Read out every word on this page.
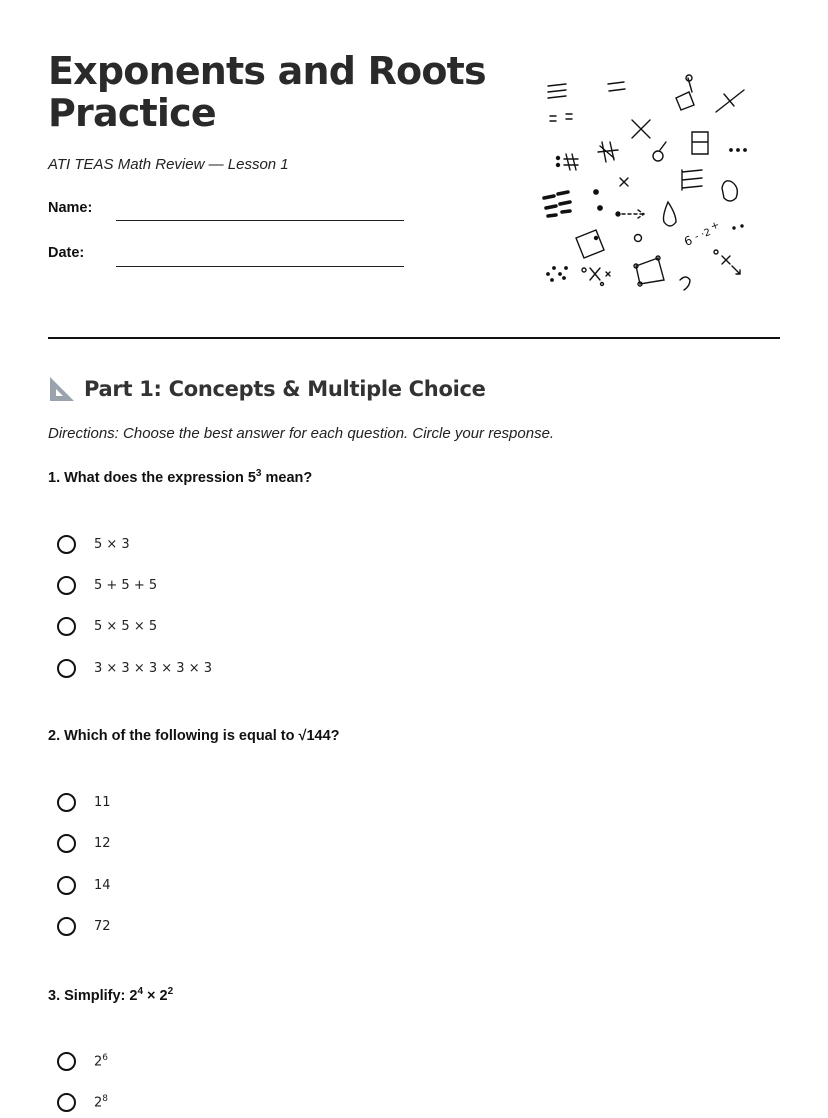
Exponents and Roots
Practice
ATI TEAS Math Review — Lesson 1
Name:
Date:
6 - ·2
+
Part 1: Concepts & Multiple Choice
Directions: Choose the best answer for each question. Circle your response.
1. What does the expression $5^3$ mean?
5 × 3
5 + 5 + 5
5 × 5 × 5
3 × 3 × 3 × 3 × 3
2. Which of the following is equal to √144?
11
12
14
72
3. Simplify: $2^4 \times 2^2$
$2^6$
$2^8$
